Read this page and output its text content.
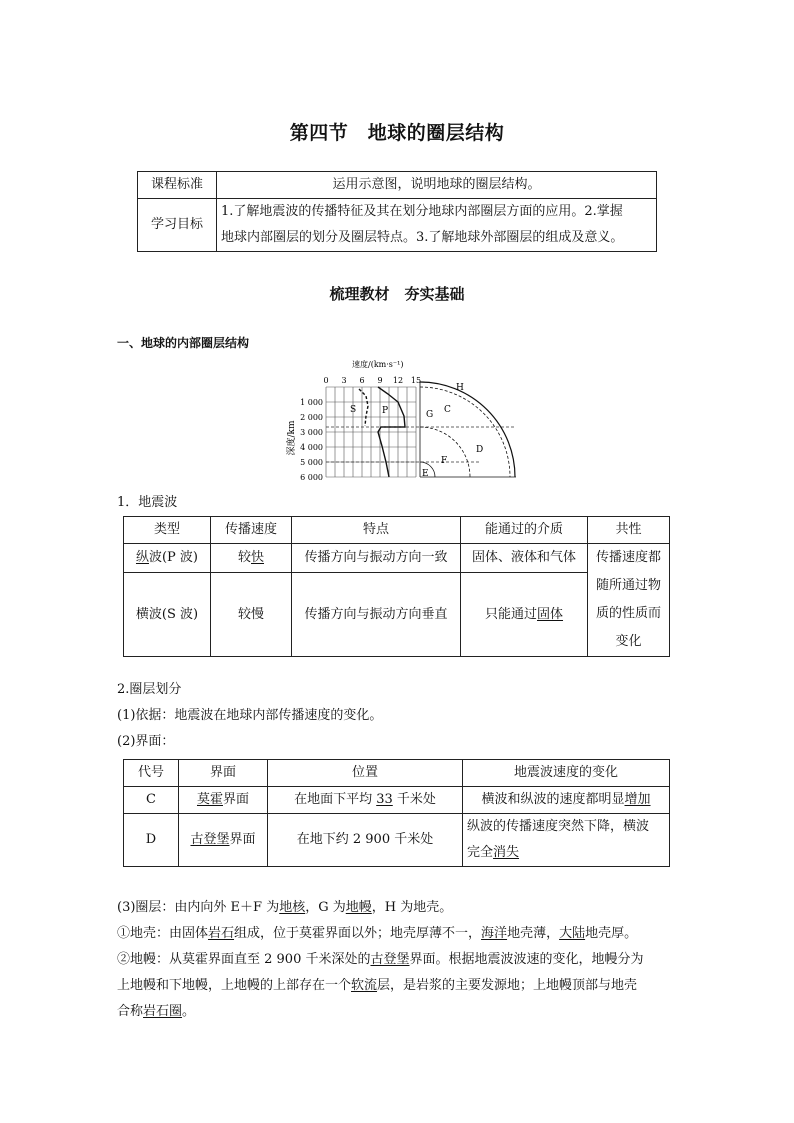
第四节　地球的圈层结构
课程标准	运用示意图，说明地球的圈层结构。
学习目标	1.了解地震波的传播特征及其在划分地球内部圈层方面的应用。2.掌握
地球内部圈层的划分及圈层特点。3.了解地球外部圈层的组成及意义。
梳理教材　夯实基础
一、地球的内部圈层结构
速度/(km·s⁻¹)
0 3 6 9 12 15
深度/km
1 000
2 000
3 000
4 000
5 000
6 000
S	P
H
C
G
D
F
E
1．地震波
类型	传播速度	特点	能通过的介质	共性
纵波(P 波)	较快	传播方向与振动方向一致	固体、液体和气体	传播速度都
随所通过物
质的性质而
变化

横波(S 波)	较慢	传播方向与振动方向垂直	只能通过固体	
2.圈层划分
(1)依据：地震波在地球内部传播速度的变化。
(2)界面：
代号	界面	位置	地震波速度的变化
C	莫霍界面	在地面下平均 33 千米处	横波和纵波的速度都明显增加
D	古登堡界面	在地下约 2 900 千米处	纵波的传播速度突然下降，横波
完全消失
(3)圈层：由内向外 E＋F 为地核，G 为地幔，H 为地壳。
①地壳：由固体岩石组成，位于莫霍界面以外；地壳厚薄不一，海洋地壳薄，大陆地壳厚。
②地幔：从莫霍界面直至 2 900 千米深处的古登堡界面。根据地震波波速的变化，地幔分为
上地幔和下地幔，上地幔的上部存在一个软流层，是岩浆的主要发源地；上地幔顶部与地壳
合称岩石圈。
